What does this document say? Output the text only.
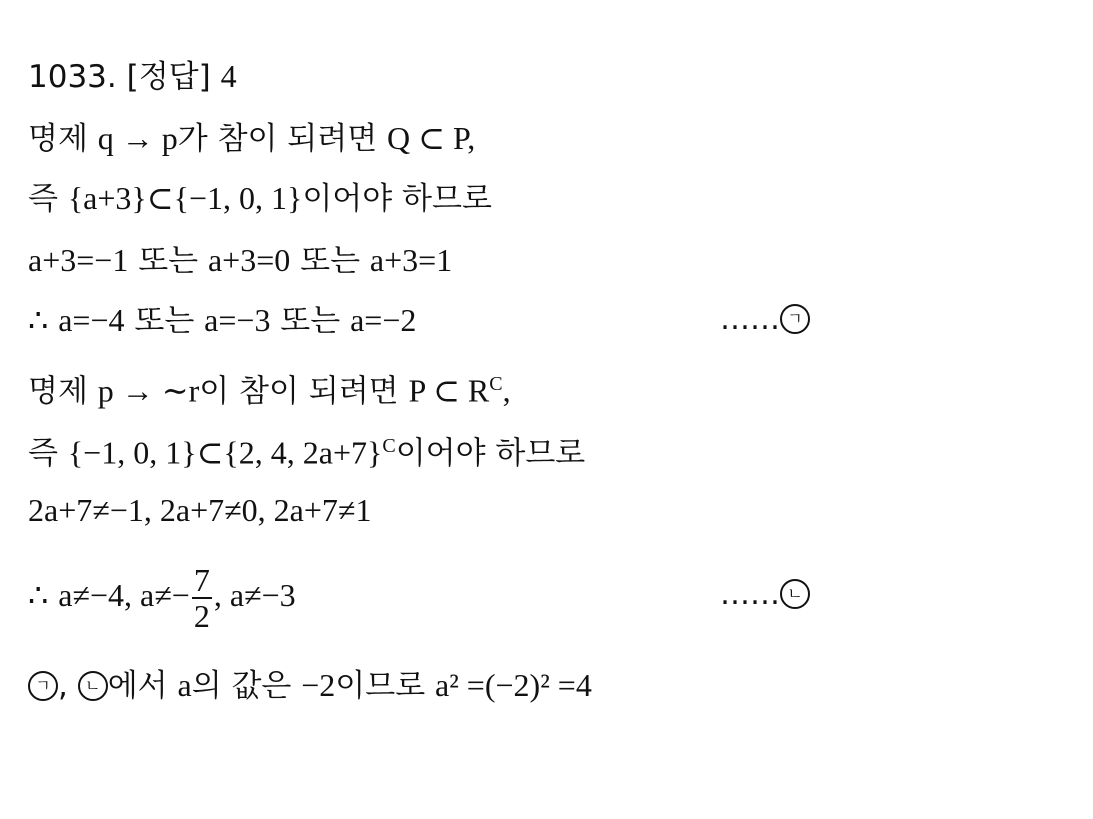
1033. [정답] 4
명제 q → p가 참이 되려면 Q ⊂ P,
즉 {a+3}⊂{−1, 0, 1}이어야 하므로
a+3=−1 또는 a+3=0 또는 a+3=1
∴ a=−4 또는 a=−3 또는 a=−2	…… ㄱ
명제 p → ∼r이 참이 되려면 P ⊂ $R^C$,
즉 {−1, 0, 1}⊂{2, 4, 2a+7}$^C$이어야 하므로
2a+7≠−1, 2a+7≠0, 2a+7≠1
∴ a≠−4, $a\ne- \frac{7}{2}$ , a≠−3	…… ㄴ
ㄱ , ㄴ 에서 a의 값은 −2이므로 a² =(−2)² =4
